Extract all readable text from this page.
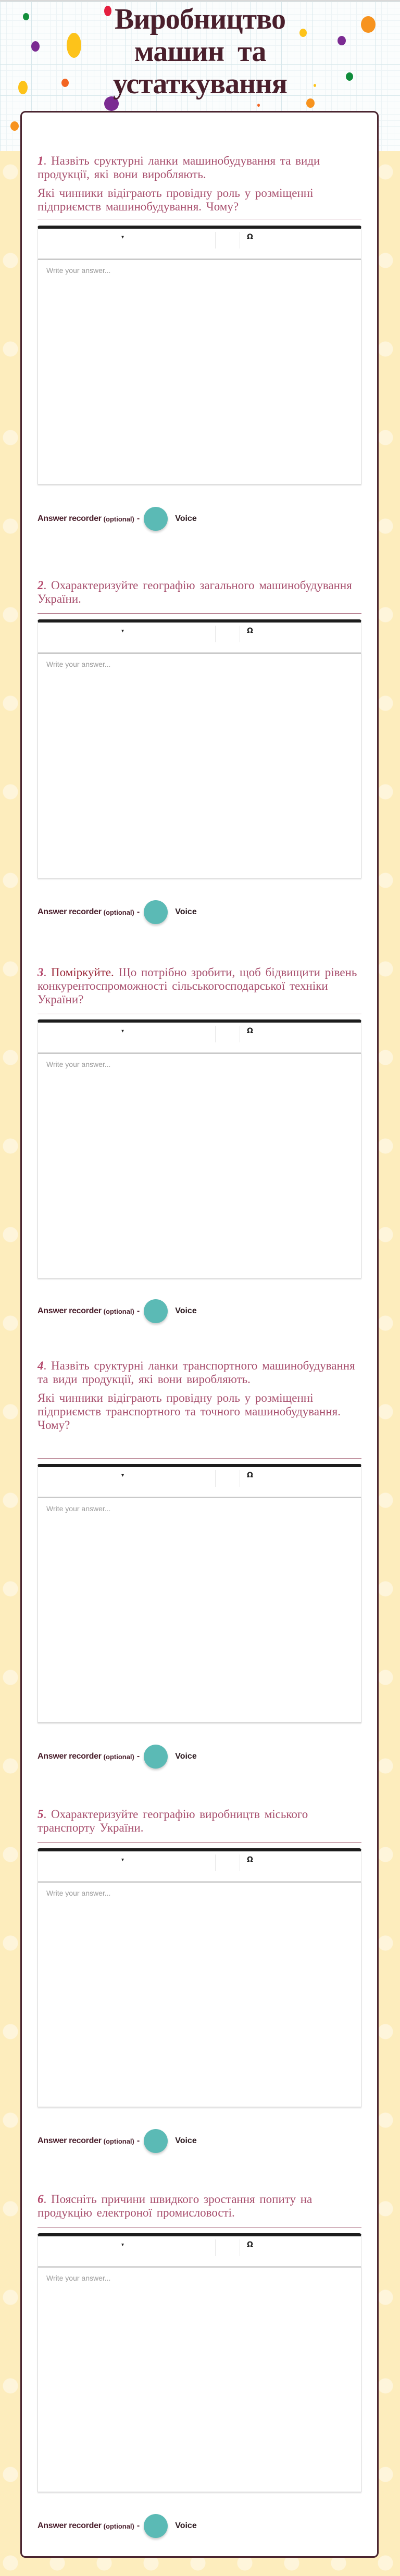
Виробництво
машин  та
устаткування

1. Назвіть сруктурні ланки машинобудування та види продукції, які вони виробляють.

Які чинники відіграють провідну роль у розміщенні підприємств машинобудування. Чому?

▾	Ω
Write your answer...
Answer recorder (optional) -	Voice

2. Охарактеризуйте географію загального машинобудування України.

▾	Ω
Write your answer...
Answer recorder (optional) -	Voice

3. Поміркуйте. Що потрібно зробити, щоб бідвищити рівень конкурентоспроможності сільськогосподарської техніки України?

▾	Ω
Write your answer...
Answer recorder (optional) -	Voice

4. Назвіть сруктурні ланки транспортного машинобудування та види продукції, які вони виробляють.

Які чинники відіграють провідну роль у розміщенні підприємств транспортного та точного машинобудування. Чому?

▾	Ω
Write your answer...
Answer recorder (optional) -	Voice

5. Охарактеризуйте географію виробництв міського транспорту України.

▾	Ω
Write your answer...
Answer recorder (optional) -	Voice

6. Поясніть причини швидкого зростання попиту на продукцію електроної промисловості.

▾	Ω
Write your answer...
Answer recorder (optional) -	Voice
